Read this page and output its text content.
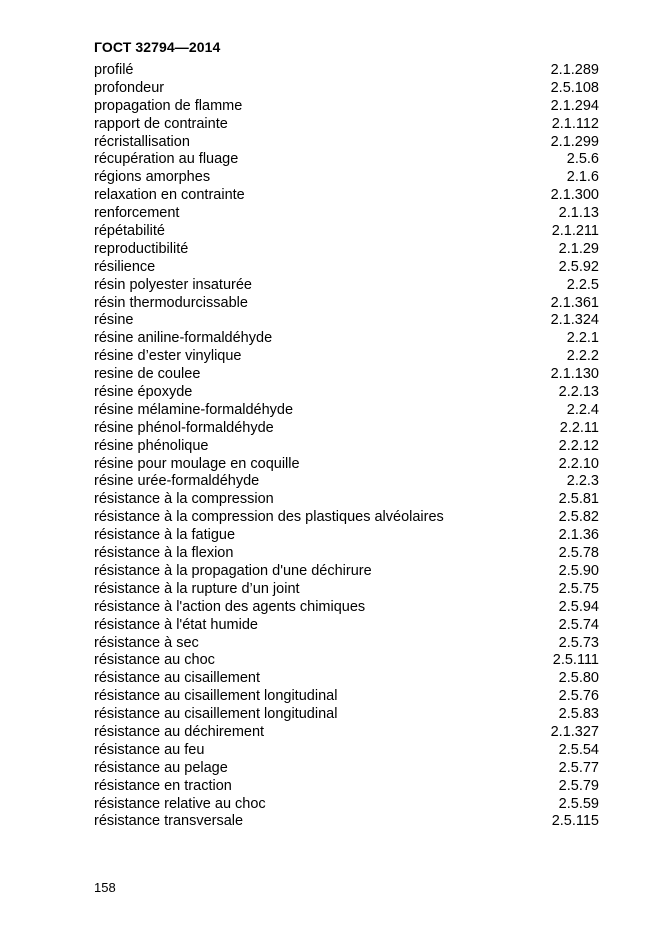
ГОСТ 32794—2014
profilé	2.1.289
profondeur	2.5.108
propagation de flamme	2.1.294
rapport de contrainte	2.1.112
récristallisation	2.1.299
récupération au fluage	2.5.6
régions amorphes	2.1.6
relaxation en contrainte	2.1.300
renforcement	2.1.13
répétabilité	2.1.211
reproductibilité	2.1.29
résilience	2.5.92
résin polyester insaturée	2.2.5
résin thermodurcissable	2.1.361
résine	2.1.324
résine aniline-formaldéhyde	2.2.1
résine d’ester vinylique	2.2.2
resine de coulee	2.1.130
résine époxyde	2.2.13
résine mélamine-formaldéhyde	2.2.4
résine phénol-formaldéhyde	2.2.11
résine phénolique	2.2.12
résine pour moulage en coquille	2.2.10
résine urée-formaldéhyde	2.2.3
résistance à la compression	2.5.81
résistance à la compression des plastiques alvéolaires	2.5.82
résistance à la fatigue	2.1.36
résistance à la flexion	2.5.78
résistance à la propagation d'une déchirure	2.5.90
résistance à la rupture d’un joint	2.5.75
résistance à l'action des agents chimiques	2.5.94
résistance à l'état humide	2.5.74
résistance à sec	2.5.73
résistance au choc	2.5.111
résistance au cisaillement	2.5.80
résistance au cisaillement longitudinal	2.5.76
résistance au cisaillement longitudinal	2.5.83
résistance au déchirement	2.1.327
résistance au feu	2.5.54
résistance au pelage	2.5.77
résistance en traction	2.5.79
résistance relative au choc	2.5.59
résistance transversale	2.5.115
158
